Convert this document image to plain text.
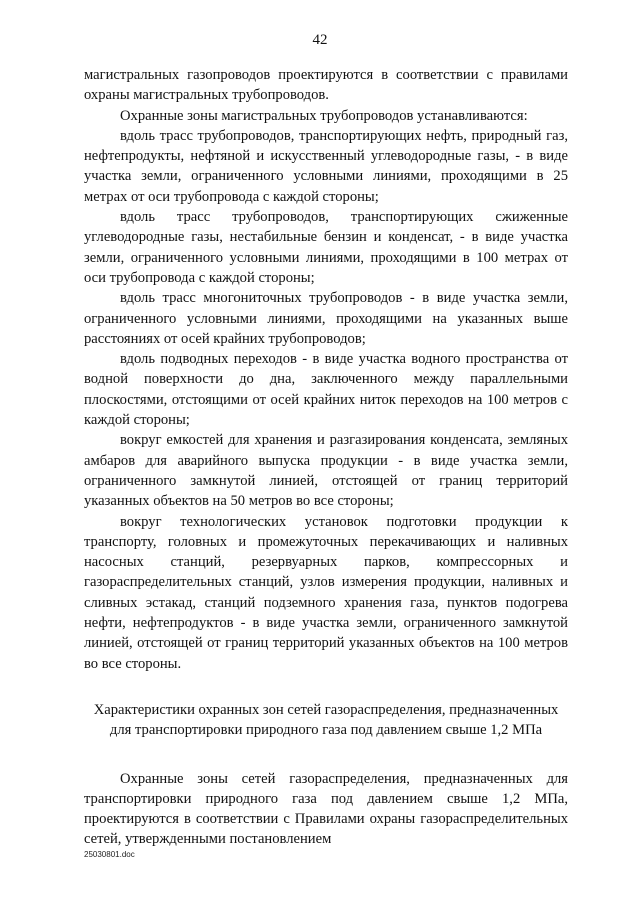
42

магистральных газопроводов проектируются в соответствии с правилами охраны магистральных трубопроводов.

Охранные зоны магистральных трубопроводов устанавливаются:

вдоль трасс трубопроводов, транспортирующих нефть, природный газ, нефтепродукты, нефтяной и искусственный углеводородные газы, - в виде участка земли, ограниченного условными линиями, проходящими в 25 метрах от оси трубопровода с каждой стороны;

вдоль трасс трубопроводов, транспортирующих сжиженные углеводородные газы, нестабильные бензин и конденсат, - в виде участка земли, ограниченного условными линиями, проходящими в 100 метрах от оси трубопровода с каждой стороны;

вдоль трасс многониточных трубопроводов - в виде участка земли, ограниченного условными линиями, проходящими на указанных выше расстояниях от осей крайних трубопроводов;

вдоль подводных переходов - в виде участка водного пространства от водной поверхности до дна, заключенного между параллельными плоскостями, отстоящими от осей крайних ниток переходов на 100 метров с каждой стороны;

вокруг емкостей для хранения и разгазирования конденсата, земляных амбаров для аварийного выпуска продукции - в виде участка земли, ограниченного замкнутой линией, отстоящей от границ территорий указанных объектов на 50 метров во все стороны;

вокруг технологических установок подготовки продукции к транспорту, головных и промежуточных перекачивающих и наливных насосных станций, резервуарных парков, компрессорных и газораспределительных станций, узлов измерения продукции, наливных и сливных эстакад, станций подземного хранения газа, пунктов подогрева нефти, нефтепродуктов - в виде участка земли, ограниченного замкнутой линией, отстоящей от границ территорий указанных объектов на 100 метров во все стороны.

Характеристики охранных зон сетей газораспределения, предназначенных
для транспортировки природного газа под давлением свыше 1,2 МПа

Охранные зоны сетей газораспределения, предназначенных для транспортировки природного газа под давлением свыше 1,2 МПа, проектируются в соответствии с Правилами охраны газораспределительных сетей, утвержденными постановлением

25030801.doc
